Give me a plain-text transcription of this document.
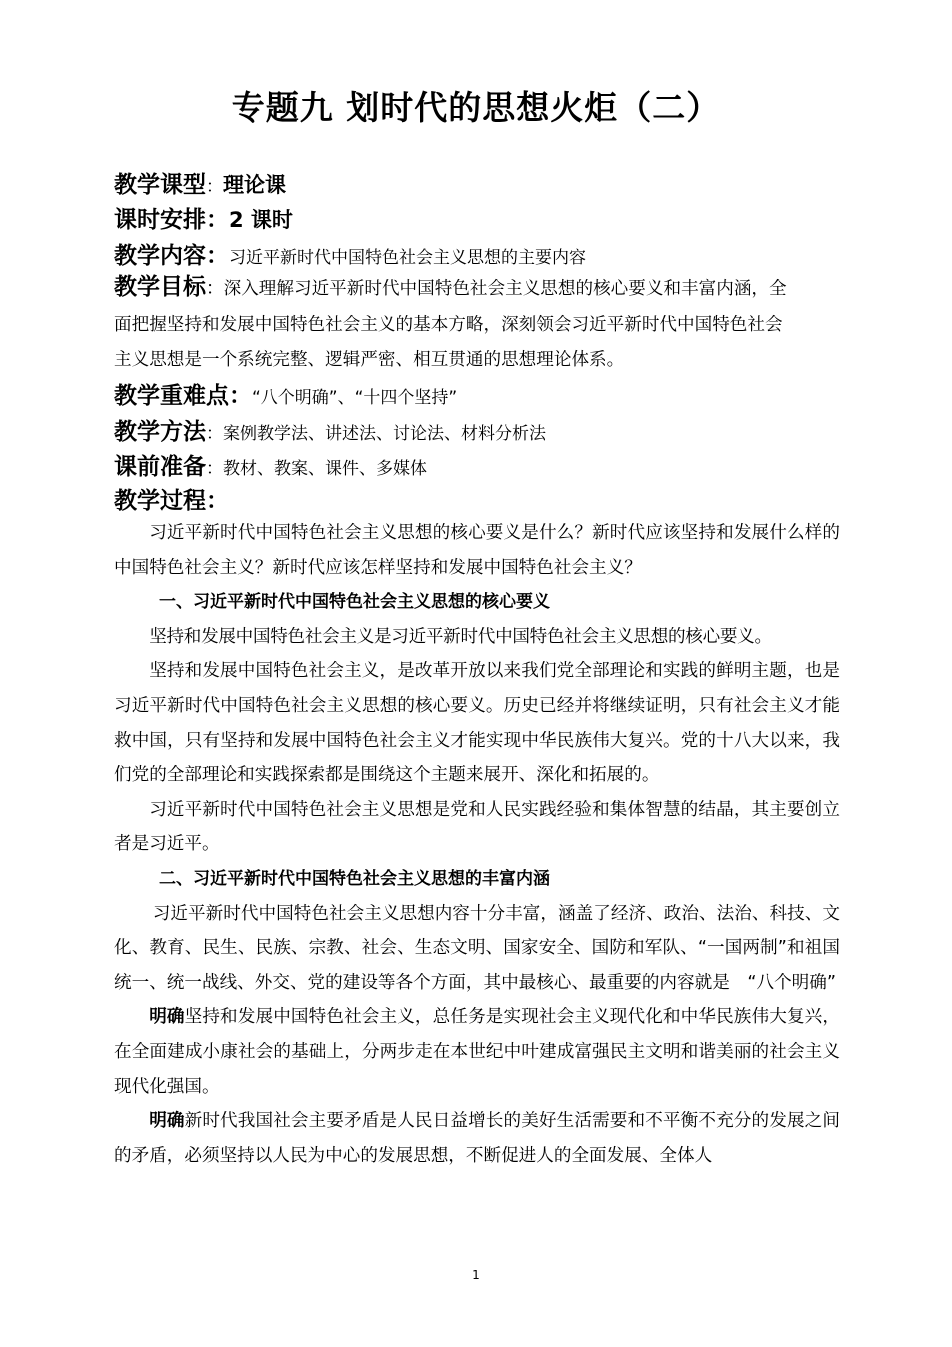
专题九 划时代的思想火炬（二）
教学课型：理论课
课时安排：2 课时
教学内容：习近平新时代中国特色社会主义思想的主要内容
教学目标：深入理解习近平新时代中国特色社会主义思想的核心要义和丰富内涵，全
面把握坚持和发展中国特色社会主义的基本方略，深刻领会习近平新时代中国特色社会
主义思想是一个系统完整、逻辑严密、相互贯通的思想理论体系。
教学重难点：“八个明确”、“十四个坚持”
教学方法：案例教学法、讲述法、讨论法、材料分析法
课前准备：教材、教案、课件、多媒体
教学过程：

习近平新时代中国特色社会主义思想的核心要义是什么？新时代应该坚持和发展什么样的中国特色社会主义？新时代应该怎样坚持和发展中国特色社会主义？

一、习近平新时代中国特色社会主义思想的核心要义

坚持和发展中国特色社会主义是习近平新时代中国特色社会主义思想的核心要义。

坚持和发展中国特色社会主义，是改革开放以来我们党全部理论和实践的鲜明主题，也是习近平新时代中国特色社会主义思想的核心要义。历史已经并将继续证明，只有社会主义才能救中国，只有坚持和发展中国特色社会主义才能实现中华民族伟大复兴。党的十八大以来，我们党的全部理论和实践探索都是围绕这个主题来展开、深化和拓展的。

习近平新时代中国特色社会主义思想是党和人民实践经验和集体智慧的结晶，其主要创立者是习近平。

二、习近平新时代中国特色社会主义思想的丰富内涵

习近平新时代中国特色社会主义思想内容十分丰富，涵盖了经济、政治、法治、科技、文化、教育、民生、民族、宗教、社会、生态文明、国家安全、国防和军队、“一国两制”和祖国统一、统一战线、外交、党的建设等各个方面，其中最核心、最重要的内容就是　“八个明确”

明确坚持和发展中国特色社会主义，总任务是实现社会主义现代化和中华民族伟大复兴，在全面建成小康社会的基础上，分两步走在本世纪中叶建成富强民主文明和谐美丽的社会主义现代化强国。

明确新时代我国社会主要矛盾是人民日益增长的美好生活需要和不平衡不充分的发展之间的矛盾，必须坚持以人民为中心的发展思想，不断促进人的全面发展、全体人

1
